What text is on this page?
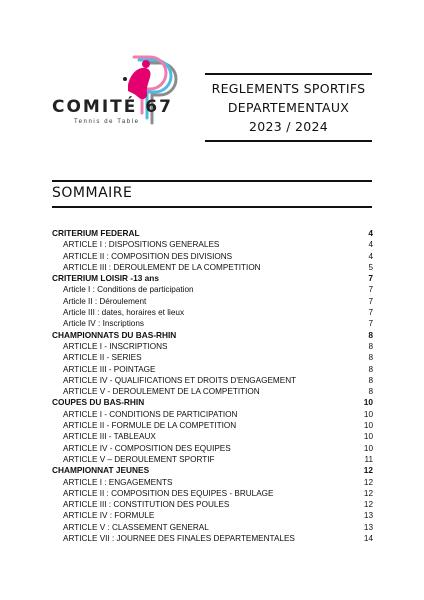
COMITÉ 67
Tennis de Table
REGLEMENTS SPORTIFS
DEPARTEMENTAUX
2023 / 2024
SOMMAIRE
CRITERIUM FEDERAL	4
ARTICLE I : DISPOSITIONS GENERALES	4
ARTICLE II : COMPOSITION DES DIVISIONS	4
ARTICLE III : DEROULEMENT DE LA COMPETITION	5
CRITERIUM LOISIR -13 ans	7
Article I : Conditions de participation	7
Article II : Déroulement	7
Article III : dates, horaires et lieux	7
Article IV : Inscriptions	7
CHAMPIONNATS DU BAS-RHIN	8
ARTICLE I - INSCRIPTIONS	8
ARTICLE II - SERIES	8
ARTICLE III - POINTAGE	8
ARTICLE IV - QUALIFICATIONS ET DROITS D'ENGAGEMENT	8
ARTICLE V - DEROULEMENT DE LA COMPETITION	8
COUPES DU BAS-RHIN	10
ARTICLE I - CONDITIONS DE PARTICIPATION	10
ARTICLE II - FORMULE DE LA COMPETITION	10
ARTICLE III - TABLEAUX	10
ARTICLE IV - COMPOSITION DES EQUIPES	10
ARTICLE V – DEROULEMENT SPORTIF	11
CHAMPIONNAT JEUNES	12
ARTICLE I : ENGAGEMENTS	12
ARTICLE II : COMPOSITION DES EQUIPES - BRULAGE	12
ARTICLE III : CONSTITUTION DES POULES	12
ARTICLE IV : FORMULE	13
ARTICLE V : CLASSEMENT GENERAL	13
ARTICLE VII : JOURNEE DES FINALES DEPARTEMENTALES	14
